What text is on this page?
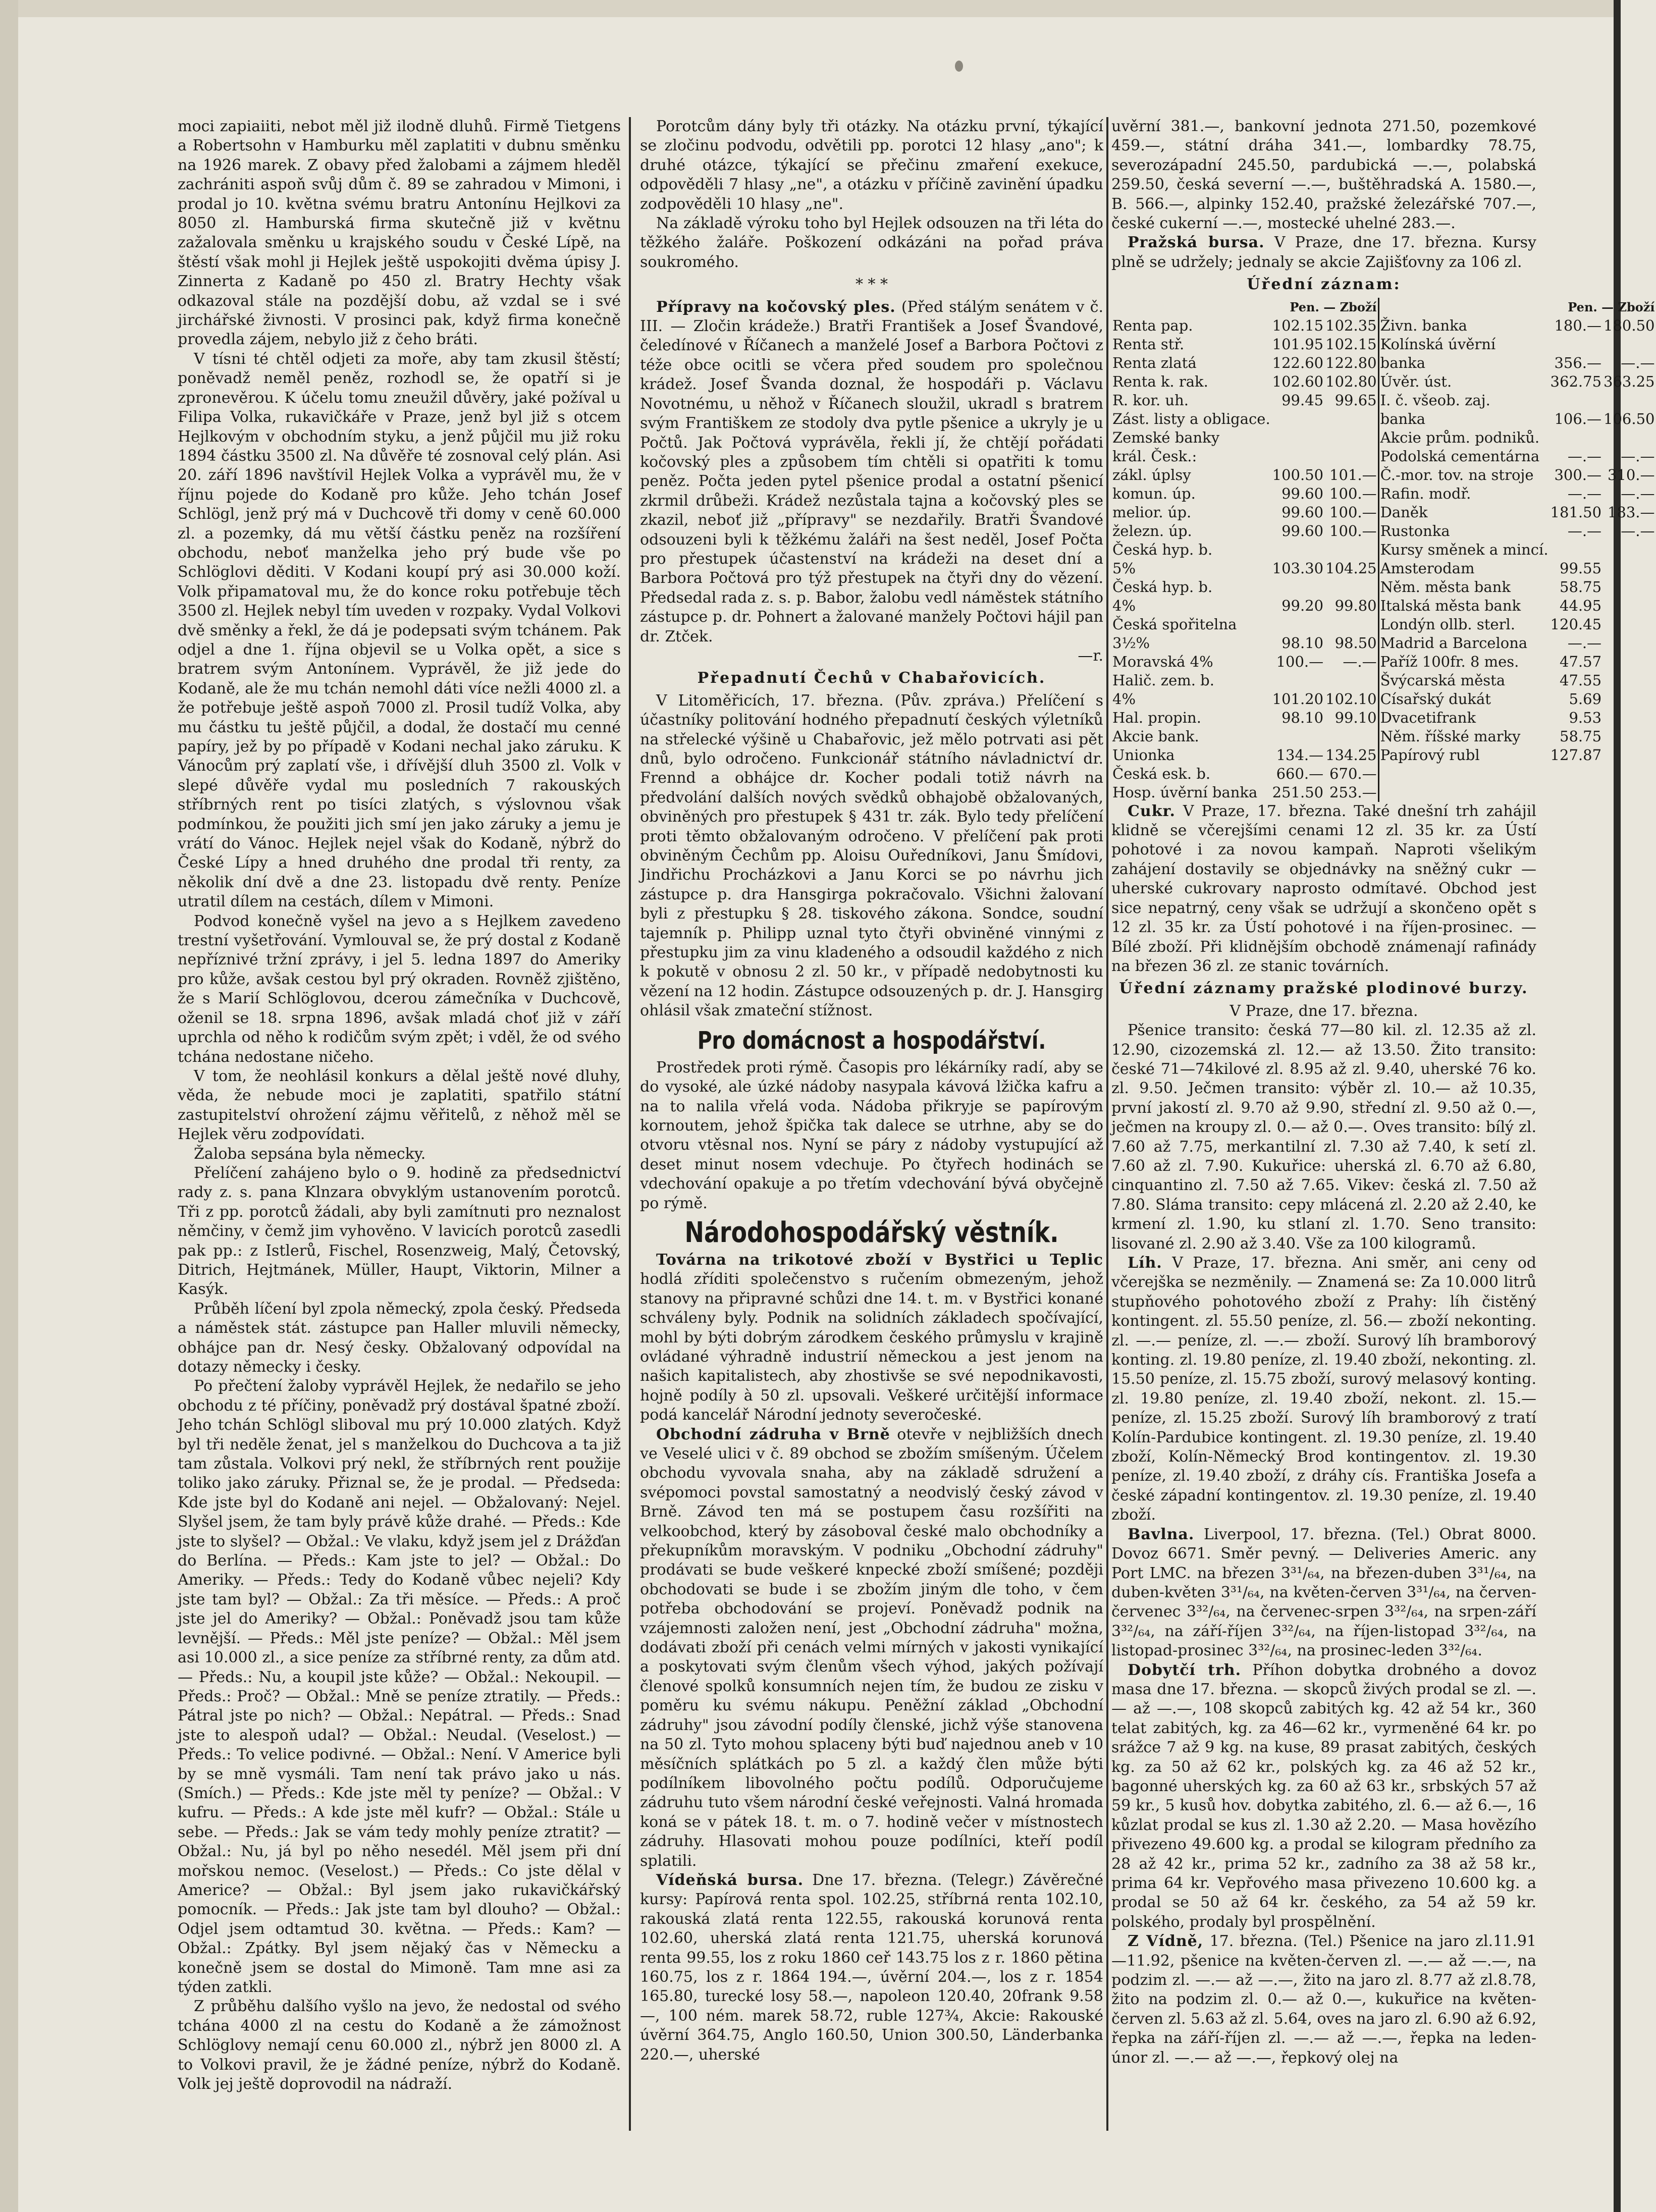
moci zapiaiiti, nebot měl již ilodně dluhů. Firmě Tietgens a Robertsohn v Hamburku měl zaplatiti v dubnu směnku na 1926 marek. Z obavy před žalobami a zájmem hleděl zachrániti aspoň svůj dům č. 89 se zahradou v Mimoni, i prodal jo 10. května svému bratru Antonínu Hejlkovi za 8050 zl. Hamburská firma skutečně již v květnu zažalovala směnku u krajského soudu v České Lípě, na štěstí však mohl ji Hejlek ještě uspokojiti dvěma úpisy J. Zinnerta z Kadaně po 450 zl. Bratry Hechty však odkazoval stále na pozdější dobu, až vzdal se i své jirchářské živnosti. V prosinci pak, když firma konečně provedla zájem, nebylo již z čeho bráti.

V tísni té chtěl odjeti za moře, aby tam zkusil štěstí; poněvadž neměl peněz, rozhodl se, že opatří si je zpronevěrou. K účelu tomu zneužil důvěry, jaké požíval u Filipa Volka, rukavičkáře v Praze, jenž byl již s otcem Hejlkovým v obchodním styku, a jenž půjčil mu již roku 1894 částku 3500 zl. Na důvěře té zosnoval celý plán. Asi 20. září 1896 navštívil Hejlek Volka a vyprávěl mu, že v říjnu pojede do Kodaně pro kůže. Jeho tchán Josef Schlögl, jenž prý má v Duchcově tři domy v ceně 60.000 zl. a pozemky, dá mu větší částku peněz na rozšíření obchodu, neboť manželka jeho prý bude vše po Schlöglovi děditi. V Kodani koupí prý asi 30.000 koží. Volk připamatoval mu, že do konce roku potřebuje těch 3500 zl. Hejlek nebyl tím uveden v rozpaky. Vydal Volkovi dvě směnky a řekl, že dá je podepsati svým tchánem. Pak odjel a dne 1. října objevil se u Volka opět, a sice s bratrem svým Antonínem. Vyprávěl, že již jede do Kodaně, ale že mu tchán nemohl dáti více nežli 4000 zl. a že potřebuje ještě aspoň 7000 zl. Prosil tudíž Volka, aby mu částku tu ještě půjčil, a dodal, že dostačí mu cenné papíry, jež by po případě v Kodani nechal jako záruku. K Vánocům prý zaplatí vše, i dřívější dluh 3500 zl. Volk v slepé důvěře vydal mu posledních 7 rakouských stříbrných rent po tisíci zlatých, s výslovnou však podmínkou, že použiti jich smí jen jako záruky a jemu je vrátí do Vánoc. Hejlek nejel však do Kodaně, nýbrž do České Lípy a hned druhého dne prodal tři renty, za několik dní dvě a dne 23. listopadu dvě renty. Peníze utratil dílem na cestách, dílem v Mimoni.

Podvod konečně vyšel na jevo a s Hejlkem zavedeno trestní vyšetřování. Vymlouval se, že prý dostal z Kodaně nepříznivé tržní zprávy, i jel 5. ledna 1897 do Ameriky pro kůže, avšak cestou byl prý okraden. Rovněž zjištěno, že s Marií Schlöglovou, dcerou zámečníka v Duchcově, oženil se 18. srpna 1896, avšak mladá choť již v září uprchla od něho k rodičům svým zpět; i vděl, že od svého tchána nedostane ničeho.

V tom, že neohlásil konkurs a dělal ještě nové dluhy, věda, že nebude moci je zaplatiti, spatřilo státní zastupitelství ohrožení zájmu věřitelů, z něhož měl se Hejlek věru zodpovídati.

Žaloba sepsána byla německy.

Přelíčení zahájeno bylo o 9. hodině za předsednictví rady z. s. pana Klnzara obvyklým ustanovením porotců. Tři z pp. porotců žádali, aby byli zamítnuti pro neznalost němčiny, v čemž jim vyhověno. V lavicích porotců zasedli pak pp.: z Istlerů, Fischel, Rosenzweig, Malý, Četovský, Ditrich, Hejtmánek, Müller, Haupt, Viktorin, Milner a Kasýk.

Průběh líčení byl zpola německý, zpola český. Předseda a náměstek stát. zástupce pan Haller mluvili německy, obhájce pan dr. Nesý česky. Obžalovaný odpovídal na dotazy německy i česky.

Po přečtení žaloby vyprávěl Hejlek, že nedařilo se jeho obchodu z té příčiny, poněvadž prý dostával špatné zboží. Jeho tchán Schlögl sliboval mu prý 10.000 zlatých. Když byl tři neděle ženat, jel s manželkou do Duchcova a ta již tam zůstala. Volkovi prý nekl, že stříbrných rent použije toliko jako záruky. Přiznal se, že je prodal. — Předseda: Kde jste byl do Kodaně ani nejel. — Obžalovaný: Nejel. Slyšel jsem, že tam byly právě kůže drahé. — Předs.: Kde jste to slyšel? — Obžal.: Ve vlaku, když jsem jel z Drážďan do Berlína. — Předs.: Kam jste to jel? — Obžal.: Do Ameriky. — Předs.: Tedy do Kodaně vůbec nejeli? Kdy jste tam byl? — Obžal.: Za tři měsíce. — Předs.: A proč jste jel do Ameriky? — Obžal.: Poněvadž jsou tam kůže levnější. — Předs.: Měl jste peníze? — Obžal.: Měl jsem asi 10.000 zl., a sice peníze za stříbrné renty, za dům atd. — Předs.: Nu, a koupil jste kůže? — Obžal.: Nekoupil. — Předs.: Proč? — Obžal.: Mně se peníze ztratily. — Předs.: Pátral jste po nich? — Obžal.: Nepátral. — Předs.: Snad jste to alespoň udal? — Obžal.: Neudal. (Veselost.) — Předs.: To velice podivné. — Obžal.: Není. V Americe byli by se mně vysmáli. Tam není tak právo jako u nás. (Smích.) — Předs.: Kde jste měl ty peníze? — Obžal.: V kufru. — Předs.: A kde jste měl kufr? — Obžal.: Stále u sebe. — Předs.: Jak se vám tedy mohly peníze ztratit? — Obžal.: Nu, já byl po něho nesedél. Měl jsem při dní mořskou nemoc. (Veselost.) — Předs.: Co jste dělal v Americe? — Obžal.: Byl jsem jako rukavičkářský pomocník. — Předs.: Jak jste tam byl dlouho? — Obžal.: Odjel jsem odtamtud 30. května. — Předs.: Kam? — Obžal.: Zpátky. Byl jsem nějaký čas v Německu a konečně jsem se dostal do Mimoně. Tam mne asi za týden zatkli.

Z průběhu dalšího vyšlo na jevo, že nedostal od svého tchána 4000 zl na cestu do Kodaně a že zámožnost Schlöglovy nemají cenu 60.000 zl., nýbrž jen 8000 zl. A to Volkovi pravil, že je žádné peníze, nýbrž do Kodaně. Volk jej ještě doprovodil na nádraží.

Porotcům dány byly tři otázky. Na otázku první, týkající se zločinu podvodu, odvětili pp. porotci 12 hlasy „ano"; k druhé otázce, týkající se přečinu zmaření exekuce, odpověděli 7 hlasy „ne", a otázku v příčině zavinění úpadku zodpověděli 10 hlasy „ne".

Na základě výroku toho byl Hejlek odsouzen na tři léta do těžkého žaláře. Poškození odkázáni na pořad práva soukromého.

* * *

Přípravy na kočovský ples. (Před stálým senátem v č. III. — Zločin krádeže.) Bratři František a Josef Švandové, čeledínové v Říčanech a manželé Josef a Barbora Počtovi z téže obce ocitli se včera před soudem pro společnou krádež. Josef Švanda doznal, že hospodáři p. Václavu Novotnému, u něhož v Říčanech sloužil, ukradl s bratrem svým Františkem ze stodoly dva pytle pšenice a ukryly je u Počtů. Jak Počtová vyprávěla, řekli jí, že chtějí pořádati kočovský ples a způsobem tím chtěli si opatřiti k tomu peněz. Počta jeden pytel pšenice prodal a ostatní pšenicí zkrmil drůbeži. Krádež nezůstala tajna a kočovský ples se zkazil, neboť již „přípravy" se nezdařily. Bratři Švandové odsouzeni byli k těžkému žaláři na šest neděl, Josef Počta pro přestupek účastenství na krádeži na deset dní a Barbora Počtová pro týž přestupek na čtyři dny do vězení. Předsedal rada z. s. p. Babor, žalobu vedl náměstek státního zástupce p. dr. Pohnert a žalované manžely Počtovi hájil pan dr. Ztček.

—r.

Přepadnutí Čechů v Chabařovicích.

V Litoměřicích, 17. března. (Pův. zpráva.) Přelíčení s účastníky politování hodného přepadnutí českých výletníků na střelecké výšině u Chabařovic, jež mělo potrvati asi pět dnů, bylo odročeno. Funkcionář státního návladnictví dr. Frennd a obhájce dr. Kocher podali totiž návrh na předvolání dalších nových svědků obhajobě obžalovaných, obviněných pro přestupek § 431 tr. zák. Bylo tedy přelíčení proti těmto obžalovaným odročeno. V přelíčení pak proti obviněným Čechům pp. Aloisu Ouředníkovi, Janu Šmídovi, Jindřichu Procházkovi a Janu Korci se po návrhu jich zástupce p. dra Hansgirga pokračovalo. Všichni žalovaní byli z přestupku § 28. tiskového zákona. Sondce, soudní tajemník p. Philipp uznal tyto čtyři obviněné vinnými z přestupku jim za vinu kladeného a odsoudil každého z nich k pokutě v obnosu 2 zl. 50 kr., v případě nedobytnosti ku vězení na 12 hodin. Zástupce odsouzených p. dr. J. Hansgirg ohlásil však zmateční stížnost.

Pro domácnost a hospodářství.

Prostředek proti rýmě. Časopis pro lékárníky radí, aby se do vysoké, ale úzké nádoby nasypala kávová lžička kafru a na to nalila vřelá voda. Nádoba přikryje se papírovým kornoutem, jehož špička tak dalece se utrhne, aby se do otvoru vtěsnal nos. Nyní se páry z nádoby vystupující až deset minut nosem vdechuje. Po čtyřech hodinách se vdechování opakuje a po třetím vdechování bývá obyčejně po rýmě.

Národohospodářský věstník.

Továrna na trikotové zboží v Bystřici u Teplic hodlá zříditi společenstvo s ručením obmezeným, jehož stanovy na připravné schůzi dne 14. t. m. v Bystřici konané schváleny byly. Podnik na solidních základech spočívající, mohl by býti dobrým zárodkem českého průmyslu v krajině ovládané výhradně industrií německou a jest jenom na našich kapitalistech, aby zhostivše se své nepodnikavosti, hojně podíly à 50 zl. upsovali. Veškeré určitější informace podá kancelář Národní jednoty severočeské.

Obchodní zádruha v Brně otevře v nejbližších dnech ve Veselé ulici v č. 89 obchod se zbožím smíšeným. Účelem obchodu vyvovala snaha, aby na základě sdružení a svépomoci povstal samostatný a neodvislý český závod v Brně. Závod ten má se postupem času rozšířiti na velkoobchod, který by zásoboval české malo obchodníky a překupníkům moravským. V podniku „Obchodní zádruhy" prodávati se bude veškeré knpecké zboží smíšené; později obchodovati se bude i se zbožím jiným dle toho, v čem potřeba obchodování se projeví. Poněvadž podnik na vzájemnosti založen není, jest „Obchodní zádruha" možna, dodávati zboží při cenách velmi mírných v jakosti vynikající a poskytovati svým členům všech výhod, jakých požívají členové spolků konsumních nejen tím, že budou ze zisku v poměru ku svému nákupu. Peněžní základ „Obchodní zádruhy" jsou závodní podíly členské, jichž výše stanovena na 50 zl. Tyto mohou splaceny býti buď najednou aneb v 10 měsíčních splátkách po 5 zl. a každý člen může býti podílníkem libovolného počtu podílů. Odporučujeme zádruhu tuto všem národní české veřejnosti. Valná hromada koná se v pátek 18. t. m. o 7. hodině večer v místnostech zádruhy. Hlasovati mohou pouze podílníci, kteří podíl splatili.

Vídeňská bursa. Dne 17. března. (Telegr.) Závěrečné kursy: Papírová renta spol. 102.25, stříbrná renta 102.10, rakouská zlatá renta 122.55, rakouská korunová renta 102.60, uherská zlatá renta 121.75, uherská korunová renta 99.55, los z roku 1860 ceř 143.75 los z r. 1860 pětina 160.75, los z r. 1864 194.—, úvěrní 204.—, los z r. 1854 165.80, turecké losy 58.—, napoleon 120.40, 20frank 9.58—, 100 ném. marek 58.72, ruble 127¾, Akcie: Rakouské úvěrní 364.75, Anglo 160.50, Union 300.50, Länderbanka 220.—, uherské

uvěrní 381.—, bankovní jednota 271.50, pozemkové 459.—, státní dráha 341.—, lombardky 78.75, severozápadní 245.50, pardubická —.—, polabská 259.50, česká severní —.—, buštěhradská A. 1580.—, B. 566.—, alpinky 152.40, pražské železářské 707.—, české cukerní —.—, mostecké uhelné 283.—.

Pražská bursa. V Praze, dne 17. března. Kursy plně se udržely; jednaly se akcie Zajišťovny za 106 zl.

Úřední záznam:

	Pen. — Zboží			Pen. — Zboží	
Renta pap.	102.15	102.35	Živn. banka	180.—	180.50
Renta stř.	101.95	102.15	Kolínská úvěrní		
Renta zlatá	122.60	122.80	banka	356.—	—.—
Renta k. rak.	102.60	102.80	Úvěr. úst.	362.75	363.25
R. kor. uh.	99.45	99.65	I. č. všeob. zaj.		
Zást. listy a obligace.			banka	106.—	106.50
Zemské banky			Akcie prům. podniků.		
král. Česk.:			Podolská cementárna	—.—	—.—
zákl. úplsy	100.50	101.—	Č.-mor. tov. na stroje	300.—	310.—
komun. úp.	99.60	100.—	Rafin. modř.	—.—	—.—
melior. úp.	99.60	100.—	Daněk	181.50	183.—
železn. úp.	99.60	100.—	Rustonka	—.—	—.—
Česká hyp. b.			Kursy směnek a mincí.		
5%	103.30	104.25	Amsterodam	99.55	
Česká hyp. b.			Něm. města bank	58.75	
4%	99.20	99.80	Italská města bank	44.95	
Česká spořitelna			Londýn ollb. sterl.	120.45	
3½%	98.10	98.50	Madrid a Barcelona	—.—	
Moravská 4%	100.—	—.—	Paříž 100fr. 8 mes.	47.57	
Halič. zem. b.			Švýcarská města	47.55	
4%	101.20	102.10	Císařský dukát	5.69	
Hal. propin.	98.10	99.10	Dvacetifrank	9.53	
Akcie bank.			Něm. říšské marky	58.75	
Unionka	134.—	134.25	Papírový rubl	127.87	
Česká esk. b.	660.—	670.—			
Hosp. úvěrní banka	251.50	253.—			

Cukr. V Praze, 17. března. Také dnešní trh zahájil klidně se včerejšími cenami 12 zl. 35 kr. za Ústí pohotové i za novou kampaň. Naproti všelikým zahájení dostavily se objednávky na sněžný cukr — uherské cukrovary naprosto odmítavé. Obchod jest sice nepatrný, ceny však se udržují a skončeno opět s 12 zl. 35 kr. za Ústí pohotové i na říjen-prosinec. — Bílé zboží. Při klidnějším obchodě známenají rafinády na březen 36 zl. ze stanic továrních.

Úřední záznamy pražské plodinové burzy.

V Praze, dne 17. března.

Pšenice transito: česká 77—80 kil. zl. 12.35 až zl. 12.90, cizozemská zl. 12.— až 13.50. Žito transito: české 71—74kilové zl. 8.95 až zl. 9.40, uherské 76 ko. zl. 9.50. Ječmen transito: výběr zl. 10.— až 10.35, první jakostí zl. 9.70 až 9.90, střední zl. 9.50 až 0.—, ječmen na kroupy zl. 0.— až 0.—. Oves transito: bílý zl. 7.60 až 7.75, merkantilní zl. 7.30 až 7.40, k setí zl. 7.60 až zl. 7.90. Kukuřice: uherská zl. 6.70 až 6.80, cinquantino zl. 7.50 až 7.65. Vikev: česká zl. 7.50 až 7.80. Sláma transito: cepy mlácená zl. 2.20 až 2.40, ke krmení zl. 1.90, ku stlaní zl. 1.70. Seno transito: lisované zl. 2.90 až 3.40. Vše za 100 kilogramů.

Líh. V Praze, 17. března. Ani směr, ani ceny od včerejška se nezměnily. — Znamená se: Za 10.000 litrů stupňového pohotového zboží z Prahy: líh čistěný kontingent. zl. 55.50 peníze, zl. 56.— zboží nekonting. zl. —.— peníze, zl. —.— zboží. Surový líh bramborový konting. zl. 19.80 peníze, zl. 19.40 zboží, nekonting. zl. 15.50 peníze, zl. 15.75 zboží, surový melasový konting. zl. 19.80 peníze, zl. 19.40 zboží, nekont. zl. 15.— peníze, zl. 15.25 zboží. Surový líh bramborový z tratí Kolín-Pardubice kontingent. zl. 19.30 peníze, zl. 19.40 zboží, Kolín-Německý Brod kontingentov. zl. 19.30 peníze, zl. 19.40 zboží, z dráhy cís. Františka Josefa a české západní kontingentov. zl. 19.30 peníze, zl. 19.40 zboží.

Bavlna. Liverpool, 17. března. (Tel.) Obrat 8000. Dovoz 6671. Směr pevný. — Deliveries Americ. any Port LMC. na březen 3³¹/₆₄, na březen-duben 3³¹/₆₄, na duben-květen 3³¹/₆₄, na květen-červen 3³¹/₆₄, na červen-červenec 3³²/₆₄, na červenec-srpen 3³²/₆₄, na srpen-září 3³²/₆₄, na září-říjen 3³²/₆₄, na říjen-listopad 3³²/₆₄, na listopad-prosinec 3³²/₆₄, na prosinec-leden 3³²/₆₄.

Dobytčí trh. Příhon dobytka drobného a dovoz masa dne 17. března. — skopců živých prodal se zl. —.— až —.—, 108 skopců zabitých kg. 42 až 54 kr., 360 telat zabitých, kg. za 46—62 kr., vyrmeněné 64 kr. po srážce 7 až 9 kg. na kuse, 89 prasat zabitých, českých kg. za 50 až 62 kr., polských kg. za 46 až 52 kr., bagonné uherských kg. za 60 až 63 kr., srbských 57 až 59 kr., 5 kusů hov. dobytka zabitého, zl. 6.— až 6.—, 16 kůzlat prodal se kus zl. 1.30 až 2.20. — Masa hovězího přivezeno 49.600 kg. a prodal se kilogram předního za 28 až 42 kr., prima 52 kr., zadního za 38 až 58 kr., prima 64 kr. Vepřového masa přivezeno 10.600 kg. a prodal se 50 až 64 kr. českého, za 54 až 59 kr. polského, prodaly byl prospělnění.

Z Vídně, 17. března. (Tel.) Pšenice na jaro zl.11.91—11.92, pšenice na květen-červen zl. —.— až —.—, na podzim zl. —.— až —.—, žito na jaro zl. 8.77 až zl.8.78, žito na podzim zl. 0.— až 0.—, kukuřice na květen-červen zl. 5.63 až zl. 5.64, oves na jaro zl. 6.90 až 6.92, řepka na září-říjen zl. —.— až —.—, řepka na leden-únor zl. —.— až —.—, řepkový olej na
